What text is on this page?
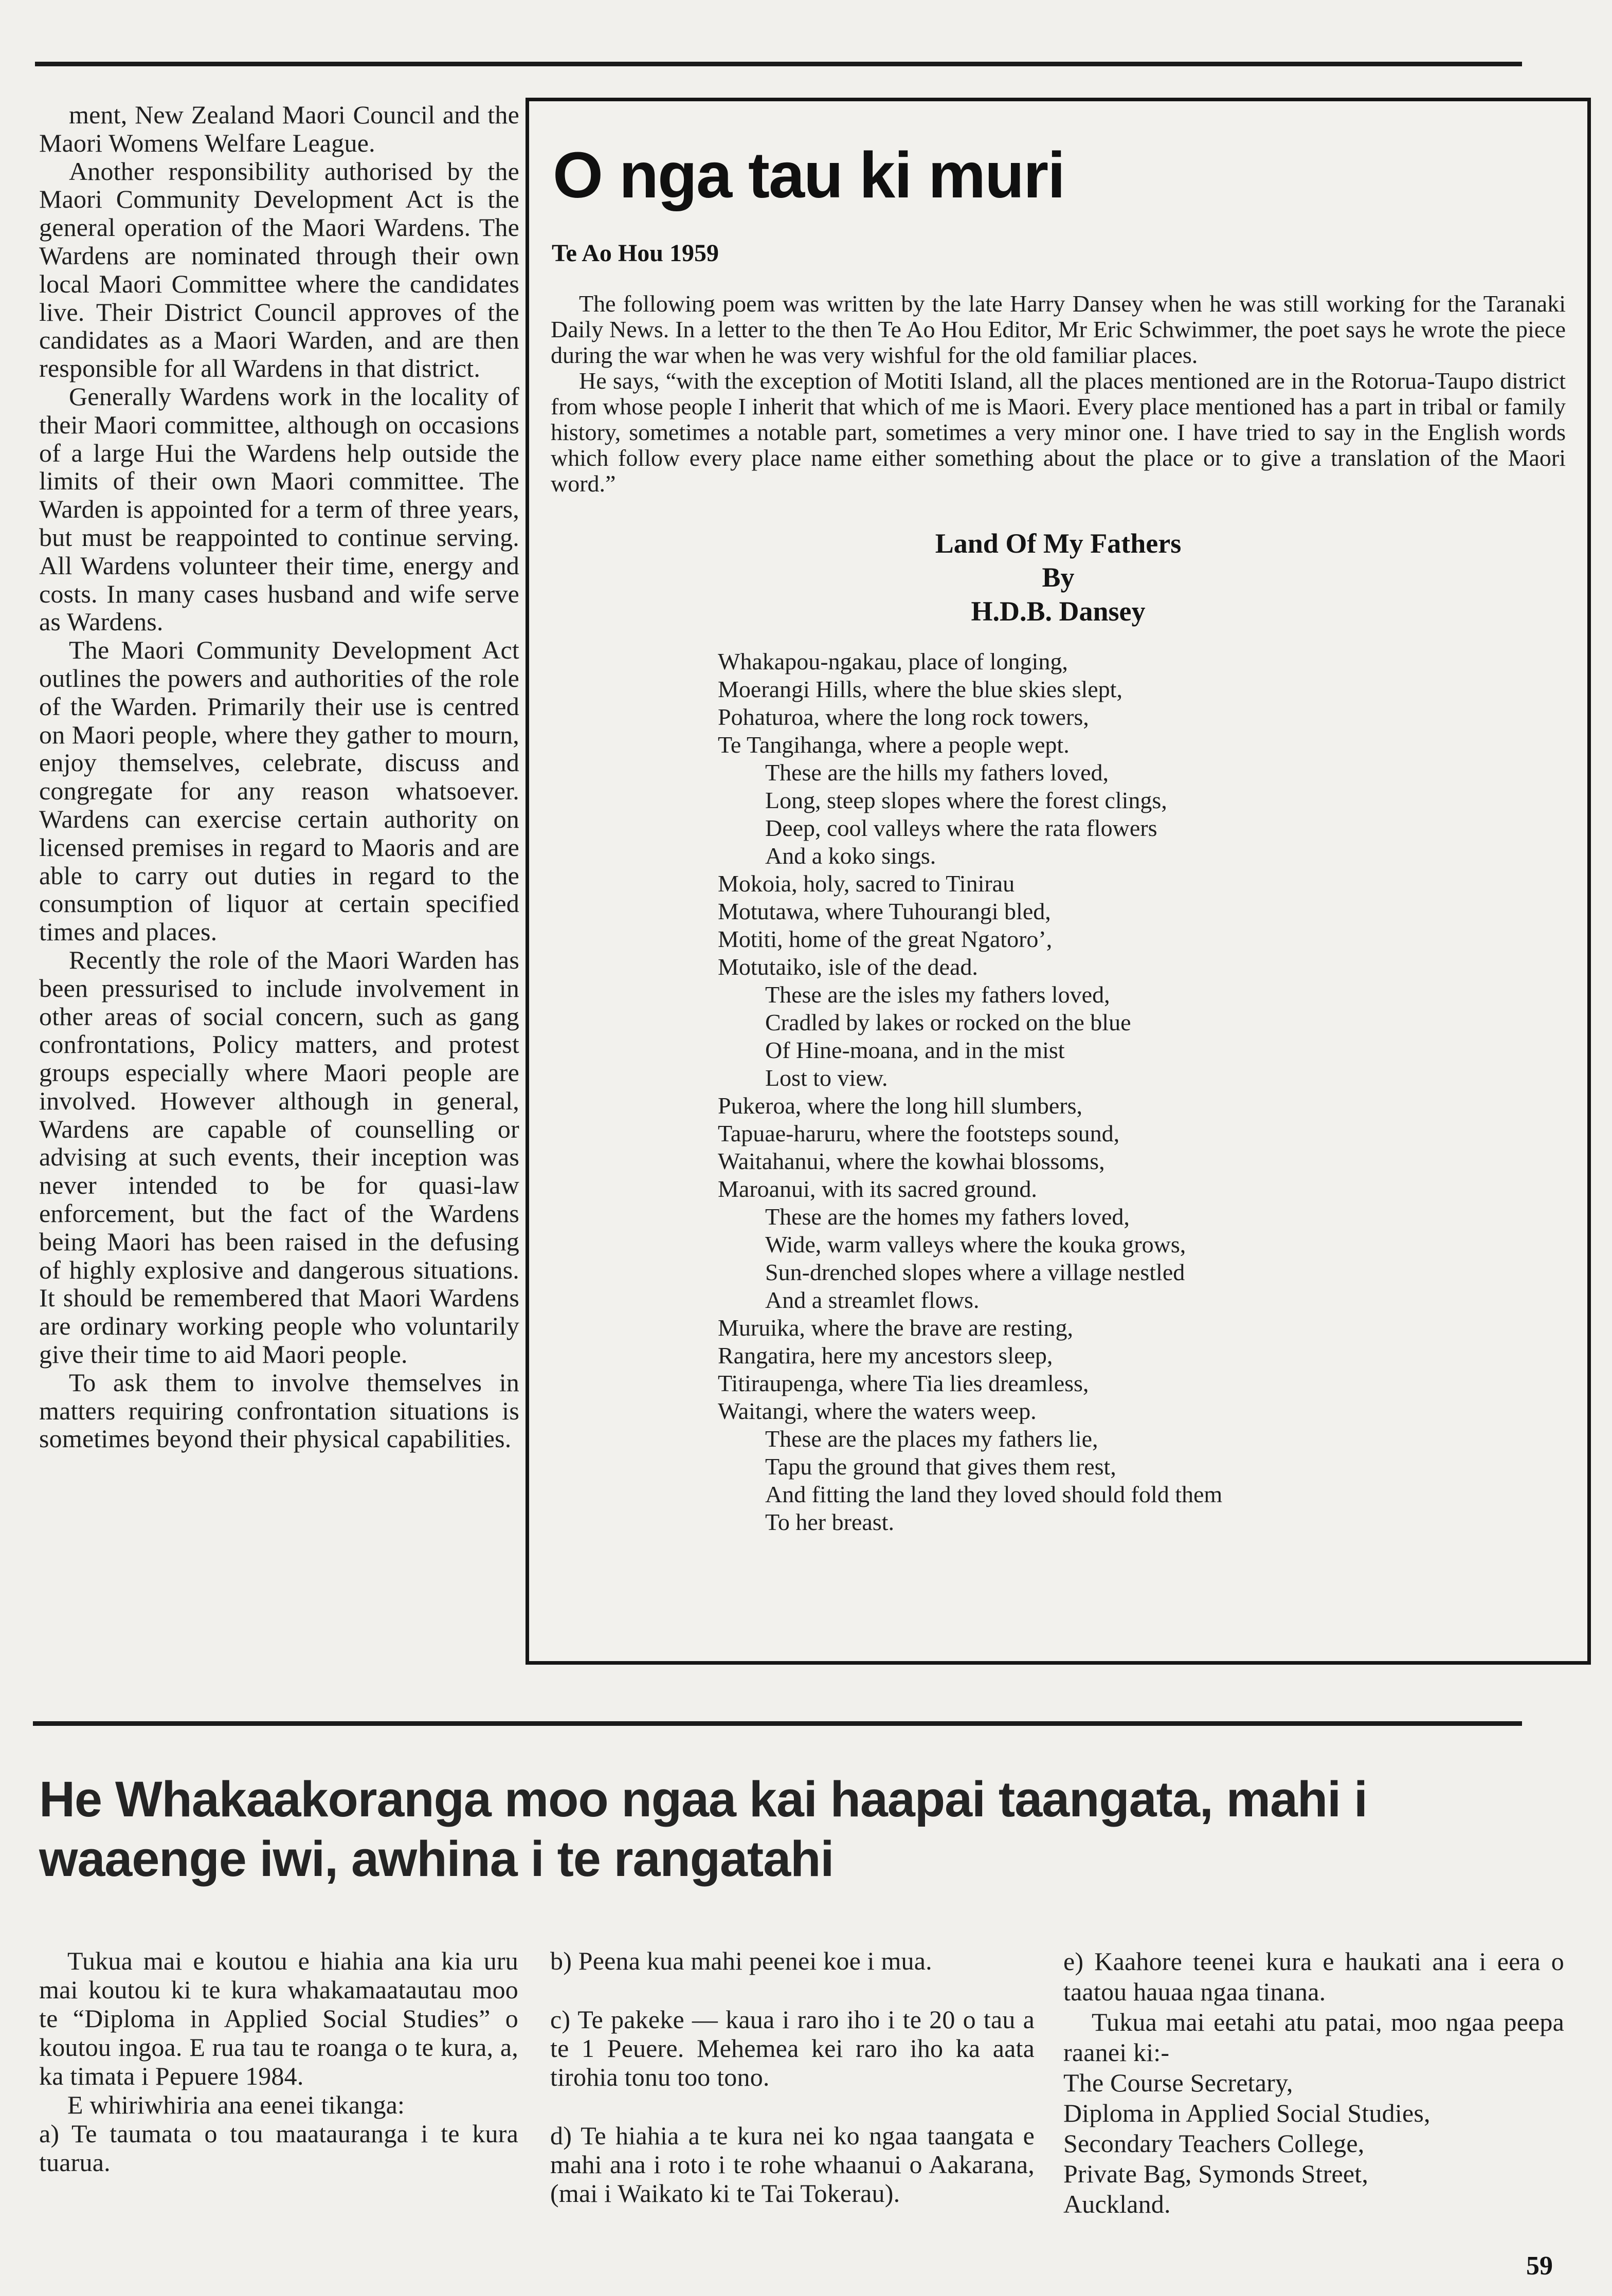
ment, New Zealand Maori Council and the Maori Womens Welfare League.

Another responsibility authorised by the Maori Community Development Act is the general operation of the Maori Wardens. The Wardens are nominated through their own local Maori Committee where the candidates live. Their District Council approves of the candidates as a Maori Warden, and are then responsible for all Wardens in that district.

Generally Wardens work in the locality of their Maori committee, although on occasions of a large Hui the Wardens help outside the limits of their own Maori committee. The Warden is appointed for a term of three years, but must be reappointed to continue serving. All Wardens volunteer their time, energy and costs. In many cases husband and wife serve as Wardens.

The Maori Community Development Act outlines the powers and authorities of the role of the Warden. Primarily their use is centred on Maori people, where they gather to mourn, enjoy themselves, celebrate, discuss and congregate for any reason whatsoever. Wardens can exercise certain authority on licensed premises in regard to Maoris and are able to carry out duties in regard to the consumption of liquor at certain specified times and places.

Recently the role of the Maori Warden has been pressurised to include involvement in other areas of social concern, such as gang confrontations, Policy matters, and protest groups especially where Maori people are involved. However although in general, Wardens are capable of counselling or advising at such events, their inception was never intended to be for quasi-law enforcement, but the fact of the Wardens being Maori has been raised in the defusing of highly explosive and dangerous situations. It should be remembered that Maori Wardens are ordinary working people who voluntarily give their time to aid Maori people.

To ask them to involve themselves in matters requiring confrontation situations is sometimes beyond their physical capabilities.

O nga tau ki muri
Te Ao Hou 1959

The following poem was written by the late Harry Dansey when he was still working for the Taranaki Daily News. In a letter to the then Te Ao Hou Editor, Mr Eric Schwimmer, the poet says he wrote the piece during the war when he was very wishful for the old familiar places.

He says, “with the exception of Motiti Island, all the places mentioned are in the Rotorua-Taupo district from whose people I inherit that which of me is Maori. Every place mentioned has a part in tribal or family history, sometimes a notable part, sometimes a very minor one. I have tried to say in the English words which follow every place name either something about the place or to give a translation of the Maori word.”

Land Of My Fathers
By
H.D.B. Dansey
Whakapou-ngakau, place of longing,
Moerangi Hills, where the blue skies slept,
Pohaturoa, where the long rock towers,
Te Tangihanga, where a people wept.
These are the hills my fathers loved,
Long, steep slopes where the forest clings,
Deep, cool valleys where the rata flowers
And a koko sings.
Mokoia, holy, sacred to Tinirau
Motutawa, where Tuhourangi bled,
Motiti, home of the great Ngatoro’,
Motutaiko, isle of the dead.
These are the isles my fathers loved,
Cradled by lakes or rocked on the blue
Of Hine-moana, and in the mist
Lost to view.
Pukeroa, where the long hill slumbers,
Tapuae-haruru, where the footsteps sound,
Waitahanui, where the kowhai blossoms,
Maroanui, with its sacred ground.
These are the homes my fathers loved,
Wide, warm valleys where the kouka grows,
Sun-drenched slopes where a village nestled
And a streamlet flows.
Muruika, where the brave are resting,
Rangatira, here my ancestors sleep,
Titiraupenga, where Tia lies dreamless,
Waitangi, where the waters weep.
These are the places my fathers lie,
Tapu the ground that gives them rest,
And fitting the land they loved should fold them
To her breast.
He Whakaakoranga moo ngaa kai haapai taangata, mahi i
waaenge iwi, awhina i te rangatahi

Tukua mai e koutou e hiahia ana kia uru mai koutou ki te kura whakamaatautau moo te “Diploma in Applied Social Studies” o koutou ingoa. E rua tau te roanga o te kura, a, ka timata i Pepuere 1984.

E whiriwhiria ana eenei tikanga:

a) Te taumata o tou maatauranga i te kura tuarua.

b) Peena kua mahi peenei koe i mua.

c) Te pakeke — kaua i raro iho i te 20 o tau a te 1 Peuere. Mehemea kei raro iho ka aata tirohia tonu too tono.

d) Te hiahia a te kura nei ko ngaa taangata e mahi ana i roto i te rohe whaanui o Aakarana, (mai i Waikato ki te Tai Tokerau).

e) Kaahore teenei kura e haukati ana i eera o taatou hauaa ngaa tinana.

Tukua mai eetahi atu patai, moo ngaa peepa raanei ki:-

The Course Secretary,

Diploma in Applied Social Studies,

Secondary Teachers College,

Private Bag, Symonds Street,

Auckland.

59
